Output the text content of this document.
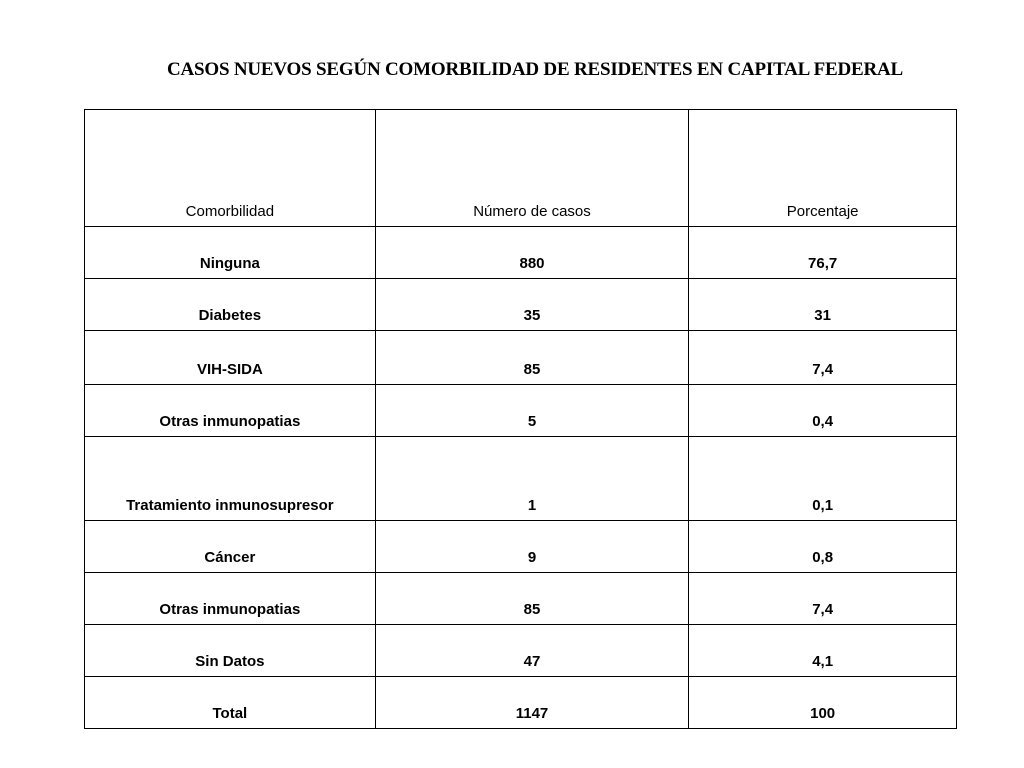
CASOS NUEVOS SEGÚN COMORBILIDAD DE RESIDENTES EN CAPITAL FEDERAL
Comorbilidad	Número de casos	Porcentaje
Ninguna	880	76,7
Diabetes	35	31
VIH-SIDA	85	7,4
Otras inmunopatias	5	0,4
Tratamiento inmunosupresor	1	0,1
Cáncer	9	0,8
Otras inmunopatias	85	7,4
Sin Datos	47	4,1
Total	1147	100
